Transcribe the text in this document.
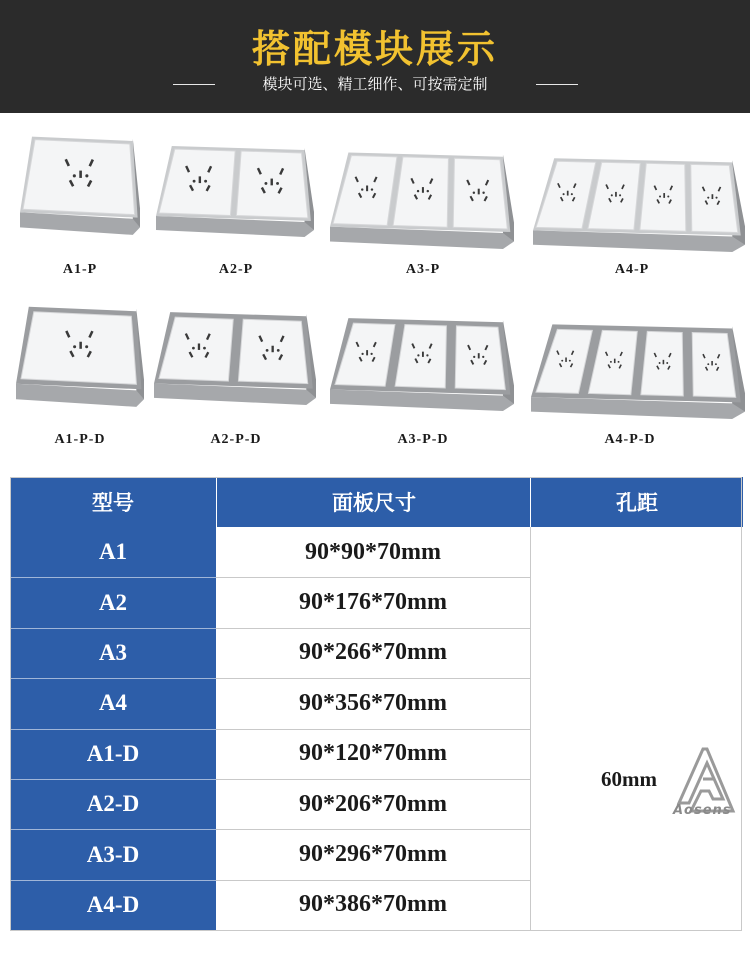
搭配模块展示
模块可选、精工细作、可按需定制
A1-P	A2-P	A3-P	A4-P
A1-P-D	A2-P-D	A3-P-D	A4-P-D
型号	面板尺寸	孔距
A1	90*90*70mm
A2	90*176*70mm
A3	90*266*70mm
A4	90*356*70mm
A1-D	90*120*70mm
A2-D	90*206*70mm
A3-D	90*296*70mm
A4-D	90*386*70mm
60mm
Aosens
